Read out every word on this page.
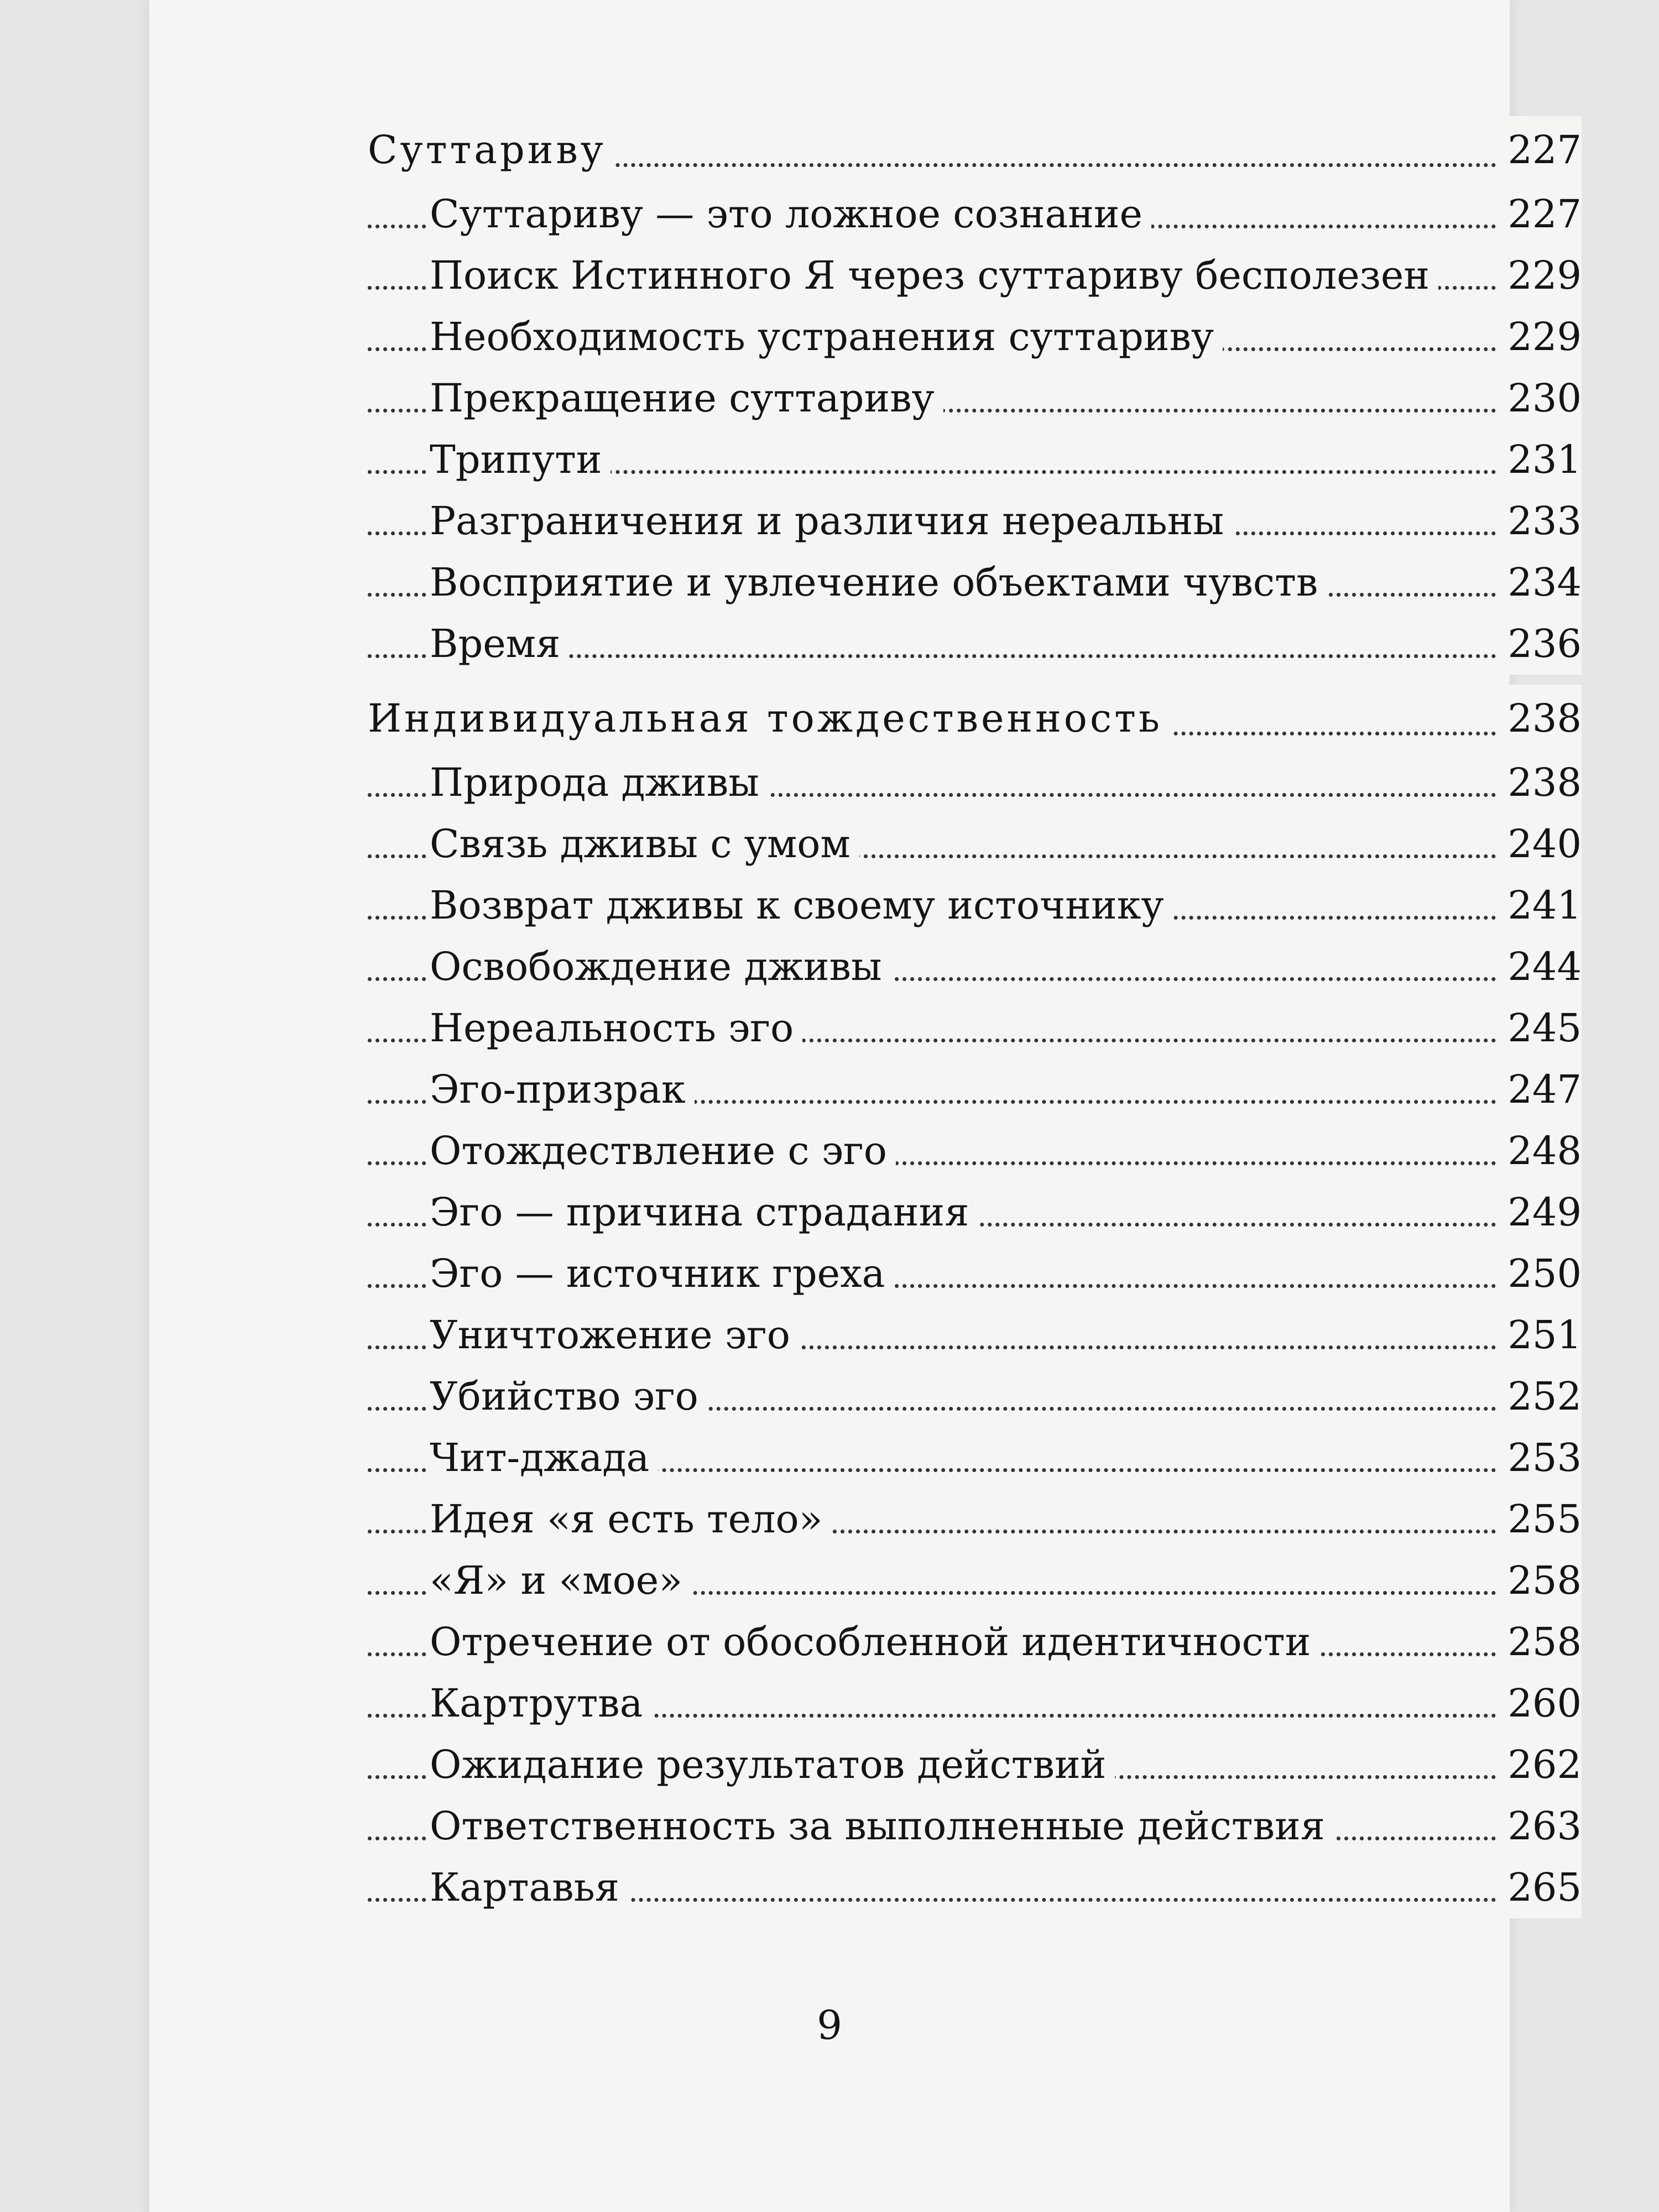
Суттариву	227
Суттариву — это ложное сознание	227
Поиск Истинного Я через суттариву бесполезен 229
Необходимость устранения суттариву	229
Прекращение суттариву	230
Трипути	231
Разграничения и различия нереальны	233
Восприятие и увлечение объектами чувств	234
Время	236
Индивидуальная тождественность	238
Природа дживы	238
Связь дживы с умом	240
Возврат дживы к своему источнику	241
Освобождение дживы	244
Нереальность эго	245
Эго-призрак	247
Отождествление с эго	248
Эго — причина страдания	249
Эго — источник греха	250
Уничтожение эго	251
Убийство эго	252
Чит-джада	253
Идея «я есть тело»	255
«Я» и «мое»	258
Отречение от обособленной идентичности	258
Картрутва	260
Ожидание результатов действий	262
Ответственность за выполненные действия	263
Картавья	265
9
